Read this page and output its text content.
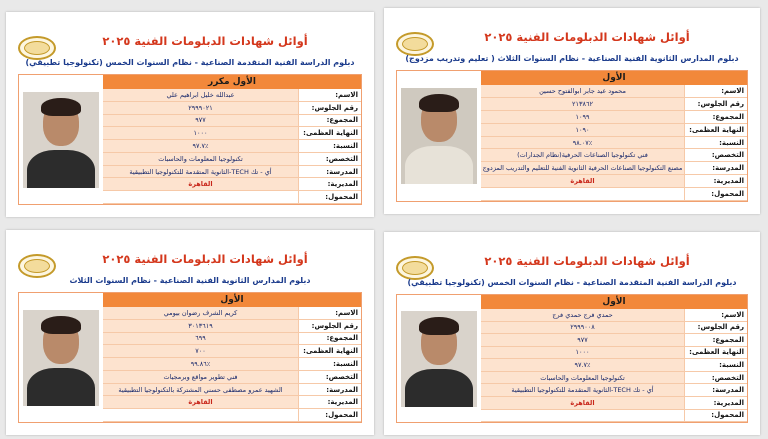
أوائل شهادات الدبلومات الفنية ٢٠٢٥
دبلوم المدارس الثانوية الفنية الصناعية - نظام السنوات الثلاث ( تعليم وتدريب مزدوج)
الأول
الاسم:
محمود عيد جابر ابوالفتوح حسين
رقم الجلوس:
٢١٣٨٦٢
المجموع:
١٠٩٩
النهاية العظمى:
١٠٩٠
النسبة:
٪٩٨.٠٧
التخصص:
فني تكنولوجيا الصناعات الحرفية(نظام الجدارات)
المدرسة:
مصنع التكنولوجيا الصناعات الحرفية الثانوية الفنية للتعليم والتدريب المزدوج
المديرية:
القاهرة
المحمول:
أوائل شهادات الدبلومات الفنية ٢٠٢٥
دبلوم الدراسة الفنية المتقدمة الصناعية - نظام السنوات الخمس (تكنولوجيا تطبيقي)
الأول مكرر
الاسم:
عبدالله خليل ابراهيم علي
رقم الجلوس:
٢٩٩٩٠٢١
المجموع:
٩٧٧
النهاية العظمى:
١٠٠٠
النسبة:
٪٩٧.٧
التخصص:
تكنولوجيا المعلومات والحاسبات
المدرسة:
أي - تك TECH-الثانوية المتقدمة للتكنولوجيا التطبيقية
المديرية:
القاهرة
المحمول:
أوائل شهادات الدبلومات الفنية ٢٠٢٥
دبلوم الدراسة الفنية المتقدمة الصناعية - نظام السنوات الخمس (تكنولوجيا تطبيقي)
الأول
الاسم:
حمدي فرج حمدي فرج
رقم الجلوس:
٢٩٩٩٠٠٨
المجموع:
٩٧٧
النهاية العظمى:
١٠٠٠
النسبة:
٪٩٧.٧
التخصص:
تكنولوجيا المعلومات والحاسبات
المدرسة:
أي - تك TECH-الثانوية المتقدمة للتكنولوجيا التطبيقية
المديرية:
القاهرة
المحمول:
أوائل شهادات الدبلومات الفنية ٢٠٢٥
دبلوم المدارس الثانوية الفنية الصناعية - نظام السنوات الثلاث
الأول
الاسم:
كريم الشرف رضوان بيومي
رقم الجلوس:
٣٠١٣٦١٩
المجموع:
٦٩٩
النهاية العظمى:
٧٠٠
النسبة:
٪٩٩.٨٦
التخصص:
فني تطوير مواقع وبرمجيات
المدرسة:
الشهيد عمرو مصطفى حسني المشتركة بالتكنولوجيا التطبيقية
المديرية:
القاهرة
المحمول:
